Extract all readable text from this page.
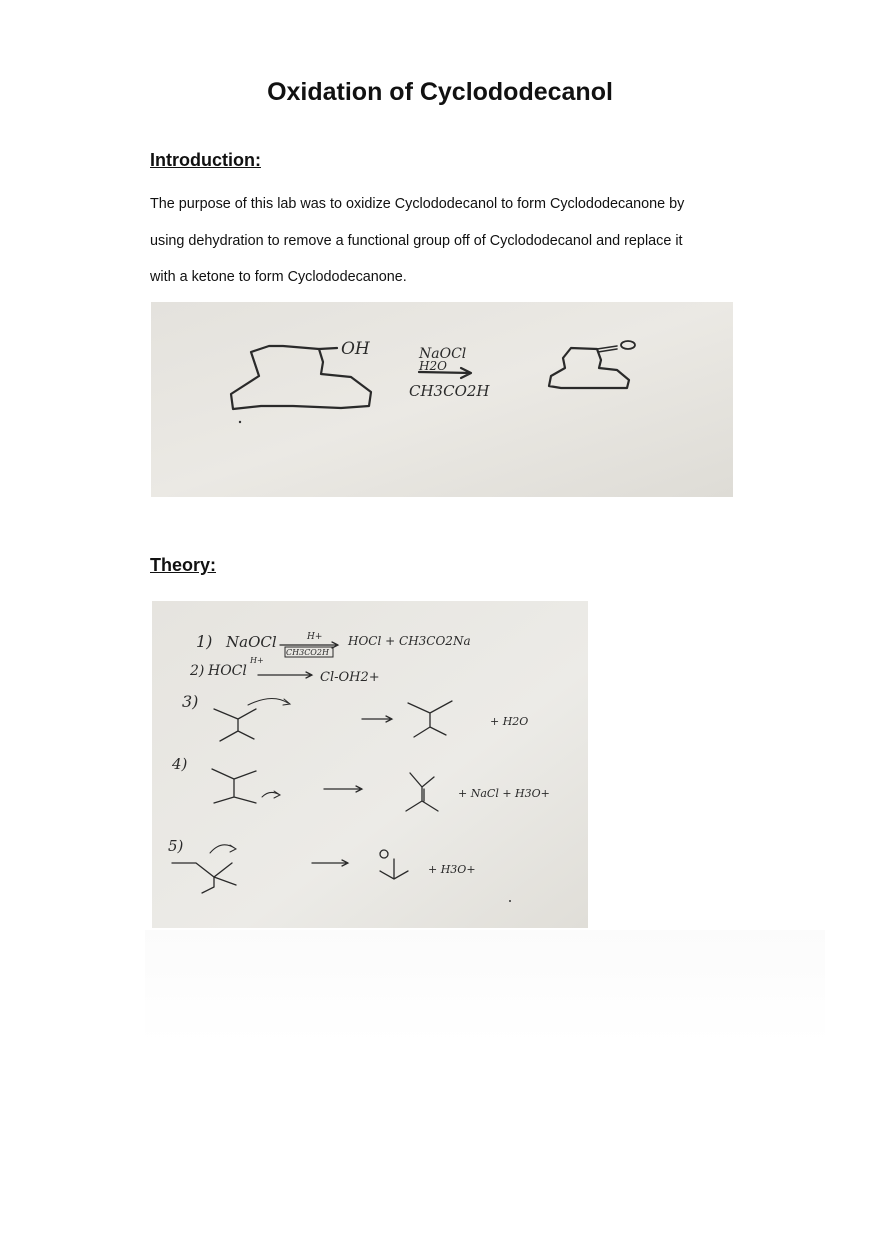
Oxidation of Cyclododecanol
Introduction:
The purpose of this lab was to oxidize Cyclododecanol to form Cyclododecanone by
using dehydration to remove a functional group off of Cyclododecanol and replace it
with a ketone to form Cyclododecanone.
OH	NaOCl
H2O
CH3CO2H
Theory:
1) NaOCl	H+
CH3CO2H
HOCl + CH3CO2Na
2) HOCl
H+
Cl-OH2+
3)
+ H2O
4)
+ NaCl + H3O+
5)
+ H3O+
